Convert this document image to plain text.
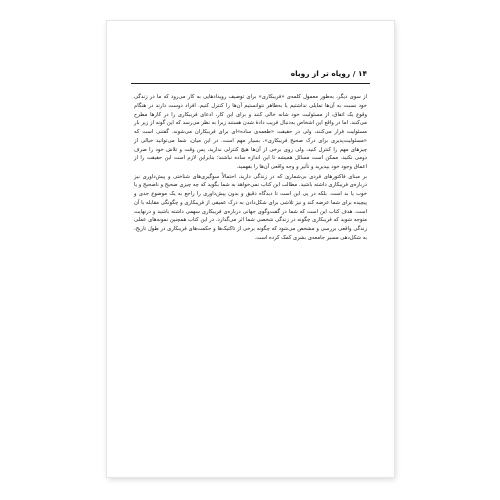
۱۴ / رویاه تر از روباه

از سوی دیگر، به‌طور معمول کلمه‌ی «فریبکاری» برای توصیف رویدادهایی به کار می‌رود که ما در زندگی خود نسبت به آن‌ها تمایلی نداشتیم یا به‌ظاهر نتوانستیم آن‌ها را کنترل کنیم. افراد دوست دارند در هنگام وقوع یک اتفاق، از مسئولیت خود شانه خالی کنند و برای این کار، ادعای فریبکاری را در کارها مطرح می‌کنند. اما در واقع این اشخاص به‌دنبال فریب دادهٔ شدن هستند زیرا به نظر می‌رسد که این گونه از زیر بار مسئولیت فرار می‌کنند، ولی در حقیقت «طعمه‌ی ساده»ای برای فریبکاران می‌شوند. گفتنی است که «مسئولیت‌پذیری برای درک صحیح فریبکاری»، بسیار مهم است. در این میان، شما می‌توانید خیالی از چیزهای مهم را کنترل کنید، ولی روی برخی از آن‌ها هیچ کنترلی ندارید، پس وقت و تلاش خود را صرف دومی نکنید. ممکن است مسائل همیشه تا این اندازه ساده نباشند؛ بنابراین لازم است این حقیقت را از اعماق وجود خود بپذیرید و تأثیر و وجه واقعی آن‌ها را بفهمید.

بر مبنای فاکتورهای فردی بی‌شماری که در زندگی دارید، احتمالاً سوگیری‌های شناختی و پیش‌داوری نیز درباره‌ی فریبکاری داشته باشید. مطالب این کتاب نمی‌خواهد به شما بگوید که چه چیزی صحیح و ناصحیح و یا خوب یا بد است. بلکه در پی این است تا دیدگاه دقیق و بدون پیش‌داوری را راجع به یک موضوع جدی و پیچیده برای شما عرضه کند و نیز تلاشی برای شکل‌دادن به درک عمیقی از فریبکاری و چگونگی مقابله با آن است. هدف کتاب این است که شما در گفت‌وگوی جهانی درباره‌ی فریبکاری سهمی داشته باشید و درنهایت متوجه شوید که فریبکاری چگونه در زندگی شخصی شما اثر می‌گذارد. در این کتاب همچنین نمونه‌های عملی زندگی واقعی بررسی و مشخص می‌شود که چگونه برخی از تاکتیک‌ها و حکمت‌های فریبکاری در طول تاریخ، به شکل‌دهی مسیر جامعه‌ی بشری کمک کرده است.
